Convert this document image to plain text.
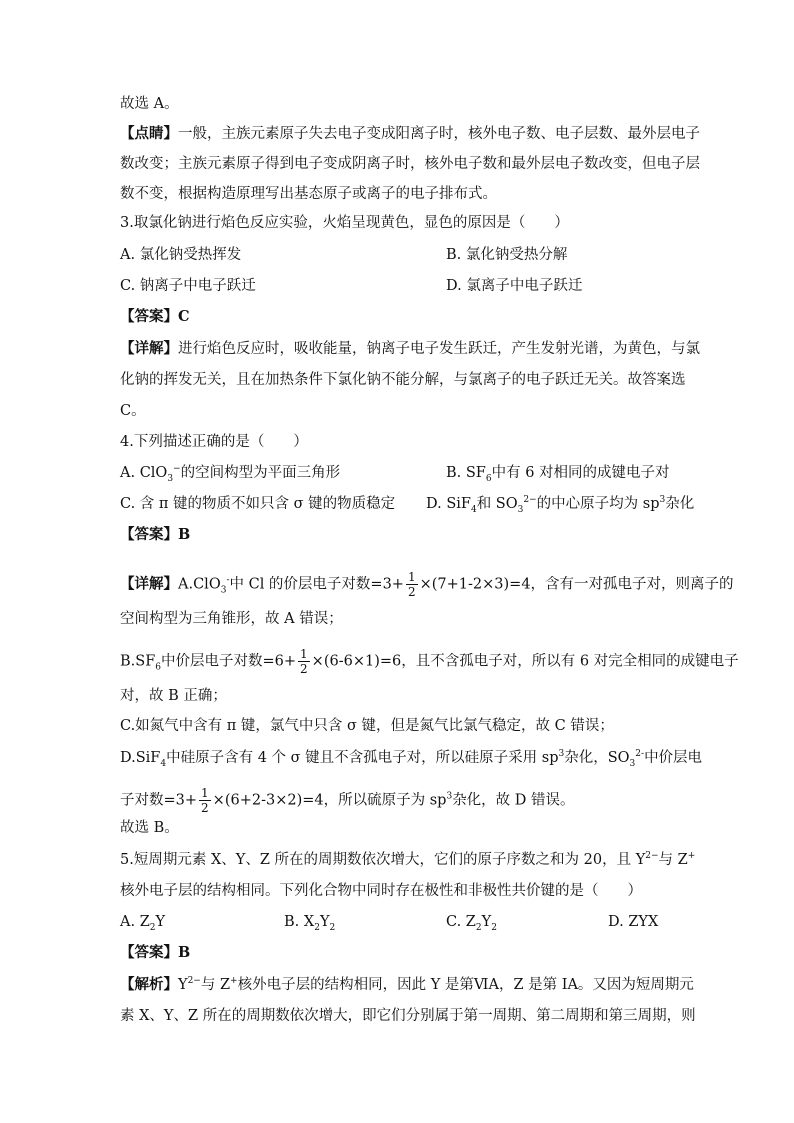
故选 A。
【点睛】一般，主族元素原子失去电子变成阳离子时，核外电子数、电子层数、最外层电子
数改变；主族元素原子得到电子变成阴离子时，核外电子数和最外层电子数改变，但电子层
数不变，根据构造原理写出基态原子或离子的电子排布式。
3.取氯化钠进行焰色反应实验，火焰呈现黄色，显色的原因是（　　）
A. 氯化钠受热挥发	B. 氯化钠受热分解
C. 钠离子中电子跃迁	D. 氯离子中电子跃迁
【答案】C
【详解】进行焰色反应时，吸收能量，钠离子电子发生跃迁，产生发射光谱，为黄色，与氯
化钠的挥发无关，且在加热条件下氯化钠不能分解，与氯离子的电子跃迁无关。故答案选
C。
4.下列描述正确的是（　　）
A. ClO$_3$−的空间构型为平面三角形	B. $SF_6$中有 6 对相同的成键电子对
C. 含 π 键的物质不如只含 σ 键的物质稳定 D. SiF$_4$和 $SO_3^{2-}$的中心原子均为 $sp^3$杂化
【答案】B
【详解】A.ClO$_3$-中 Cl 的价层电子对数$=3+ \frac{1}{2} \times(7+1-2\times 3)=4$，含有一对孤电子对，则离子的
空间构型为三角锥形，故 A 错误；
$B.SF_6$中价层电子对数$=6+ \frac{1}{2} \times(6-6\times 1)=6$，且不含孤电子对，所以有 6 对完全相同的成键电子
对，故 B 正确；
C.如氮气中含有 π 键，氯气中只含 σ 键，但是氮气比氯气稳定，故 C 错误；
D.SiF$_4$中硅原子含有 4 个 σ 键且不含孤电子对，所以硅原子采用 $sp^3$杂化，$SO_3^{2-}$中价层电
子对数$=3+ \frac{1}{2} \times(6+2-3\times 2)=4$，所以硫原子为 $sp^3$杂化，故 D 错误。
故选 B。
5.短周期元素 X、Y、Z 所在的周期数依次增大，它们的原子序数之和为 20，且 $Y^{2-}$与 Z+
核外电子层的结构相同。下列化合物中同时存在极性和非极性共价键的是（　　）
A. $Z_2Y$	B. $X_2Y_2$	C. $Z_2Y_2$	D. ZYX
【答案】B
【解析】$Y^{2-}$与 Z+核外电子层的结构相同，因此 Y 是第ⅥA，Z 是第 IA。又因为短周期元
素 X、Y、Z 所在的周期数依次增大，即它们分别属于第一周期、第二周期和第三周期，则
